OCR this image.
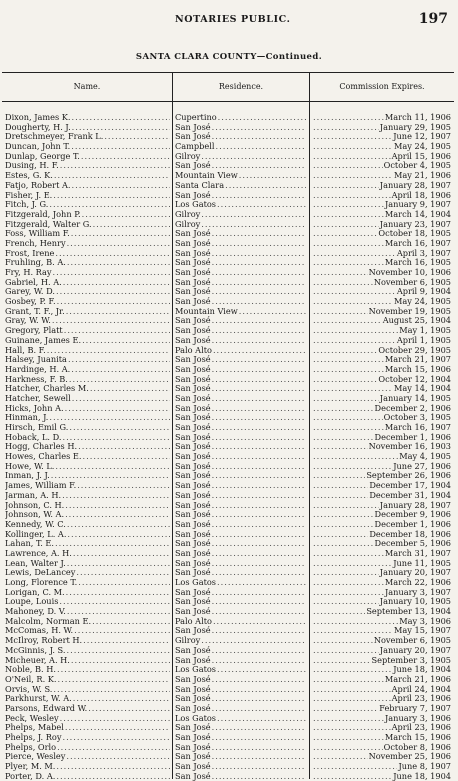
NOTARIES PUBLIC.	197
SANTA CLARA COUNTY—Continued.
Name.	Residence.	Commission Expires.
Dixon, James K. .....	Cupertino .....	March 11, 1906
.....
Dougherty, H. J. .....	San José .....	January 29, 1905
.....
Dretschmeyer, Frank L. .....	San José .....	June 12, 1907
.....
Duncan, John T. .....	Campbell .....	May 24, 1905
.....
Dunlap, George T. .....	Gilroy .....	April 15, 1906
.....
Dusing, H. F. .....	San José .....	October 4, 1905
.....
Estes, G. K. .....	Mountain View .....	May 21, 1906
.....
Fatjo, Robert A. .....	Santa Clara .....	January 28, 1907
.....
Fisher, J. E. .....	San José .....	April 18, 1906
.....
Fitch, J. G. .....	Los Gatos .....	January 9, 1907
.....
Fitzgerald, John P. .....	Gilroy .....	March 14, 1904
.....
Fitzgerald, Walter G. .....	Gilroy .....	January 23, 1907
.....
Foss, William F. .....	San José .....	October 18, 1905
.....
French, Henry .....	San José .....	March 16, 1907
.....
Frost, Irene .....	San José .....	April 3, 1907
.....
Fruhling, B. A. .....	San José .....	March 16, 1905
.....
Fry, H. Ray .....	San José .....	November 10, 1906
.....
Gabriel, H. A. .....	San José .....	November 6, 1905
.....
Garey, W. D. .....	San José .....	April 9, 1904
.....
Gosbey, P. F. .....	San José .....	May 24, 1905
.....
Grant, T. F., Jr. .....	Mountain View .....	November 19, 1905
.....
Gray, W. W. .....	San José .....	August 25, 1904
.....
Gregory, Platt .....	San José .....	May 1, 1905
.....
Guinane, James E. .....	San José .....	April 1, 1905
.....
Hall, B. F. .....	Palo Alto .....	October 29, 1905
.....
Halsey, Juanita .....	San José .....	March 21, 1907
.....
Hardinge, H. A. .....	San José .....	March 15, 1906
.....
Harkness, F. B. .....	San José .....	October 12, 1904
.....
Hatcher, Charles M. .....	San José .....	May 14, 1904
.....
Hatcher, Sewell .....	San José .....	January 14, 1905
.....
Hicks, John A. .....	San José .....	December 2, 1906
.....
Hinman, J. .....	San José .....	October 3, 1905
.....
Hirsch, Emil G. .....	San José .....	March 16, 1907
.....
Hoback, L. D. .....	San José .....	December 1, 1906
.....
Hogg, Charles H. .....	San José .....	November 16, 1903
.....
Howes, Charles E. .....	San José .....	May 4, 1905
.....
Howe, W. L. .....	San José .....	June 27, 1906
.....
Inman, J. J. .....	San José .....	September 26, 1906
.....
James, William F. .....	San José .....	December 17, 1904
.....
Jarman, A. H. .....	San José .....	December 31, 1904
.....
Johnson, C. H. .....	San José .....	January 28, 1907
.....
Johnson, W. A. .....	San José .....	December 9, 1906
.....
Kennedy, W. C. .....	San José .....	December 1, 1906
.....
Kollinger, L. A. .....	San José .....	December 18, 1906
.....
Lahan, T. E. .....	San José .....	December 5, 1906
.....
Lawrence, A. H. .....	San José .....	March 31, 1907
.....
Lean, Walter J. .....	San José .....	June 11, 1905
.....
Lewis, DeLancey .....	San José .....	January 20, 1907
.....
Long, Florence T. .....	Los Gatos .....	March 22, 1906
.....
Lorigan, C. M. .....	San José .....	January 3, 1907
.....
Loupe, Louis .....	San José .....	January 10, 1905
.....
Mahoney, D. V. .....	San José .....	September 13, 1904
.....
Malcolm, Norman E. .....	Palo Alto .....	May 3, 1906
.....
McComas, H. W. .....	San José .....	May 15, 1907
.....
McIlroy, Robert H. .....	Gilroy .....	November 6, 1905
.....
McGinnis, J. S. .....	San José .....	January 20, 1907
.....
Micheuer, A. H. .....	San José .....	September 3, 1905
.....
Noble, B. H. .....	Los Gatos .....	June 18, 1904
.....
O'Neil, R. K. .....	San José .....	March 21, 1906
.....
Orvis, W. S. .....	San José .....	April 24, 1904
.....
Parkhurst, W. A. .....	San José .....	April 23, 1906
.....
Parsons, Edward W. .....	San José .....	February 7, 1907
.....
Peck, Wesley .....	Los Gatos .....	January 3, 1906
.....
Phelps, Mabel .....	San José .....	April 23, 1906
.....
Phelps, J. Roy .....	San José .....	March 15, 1906
.....
Phelps, Orlo .....	San José .....	October 8, 1906
.....
Pierce, Wesley .....	San José .....	November 25, 1906
.....
Plyer, M. M. .....	San José .....	June 8, 1907
.....
Porter, D. A. .....	San José .....	June 18, 1904
.....
